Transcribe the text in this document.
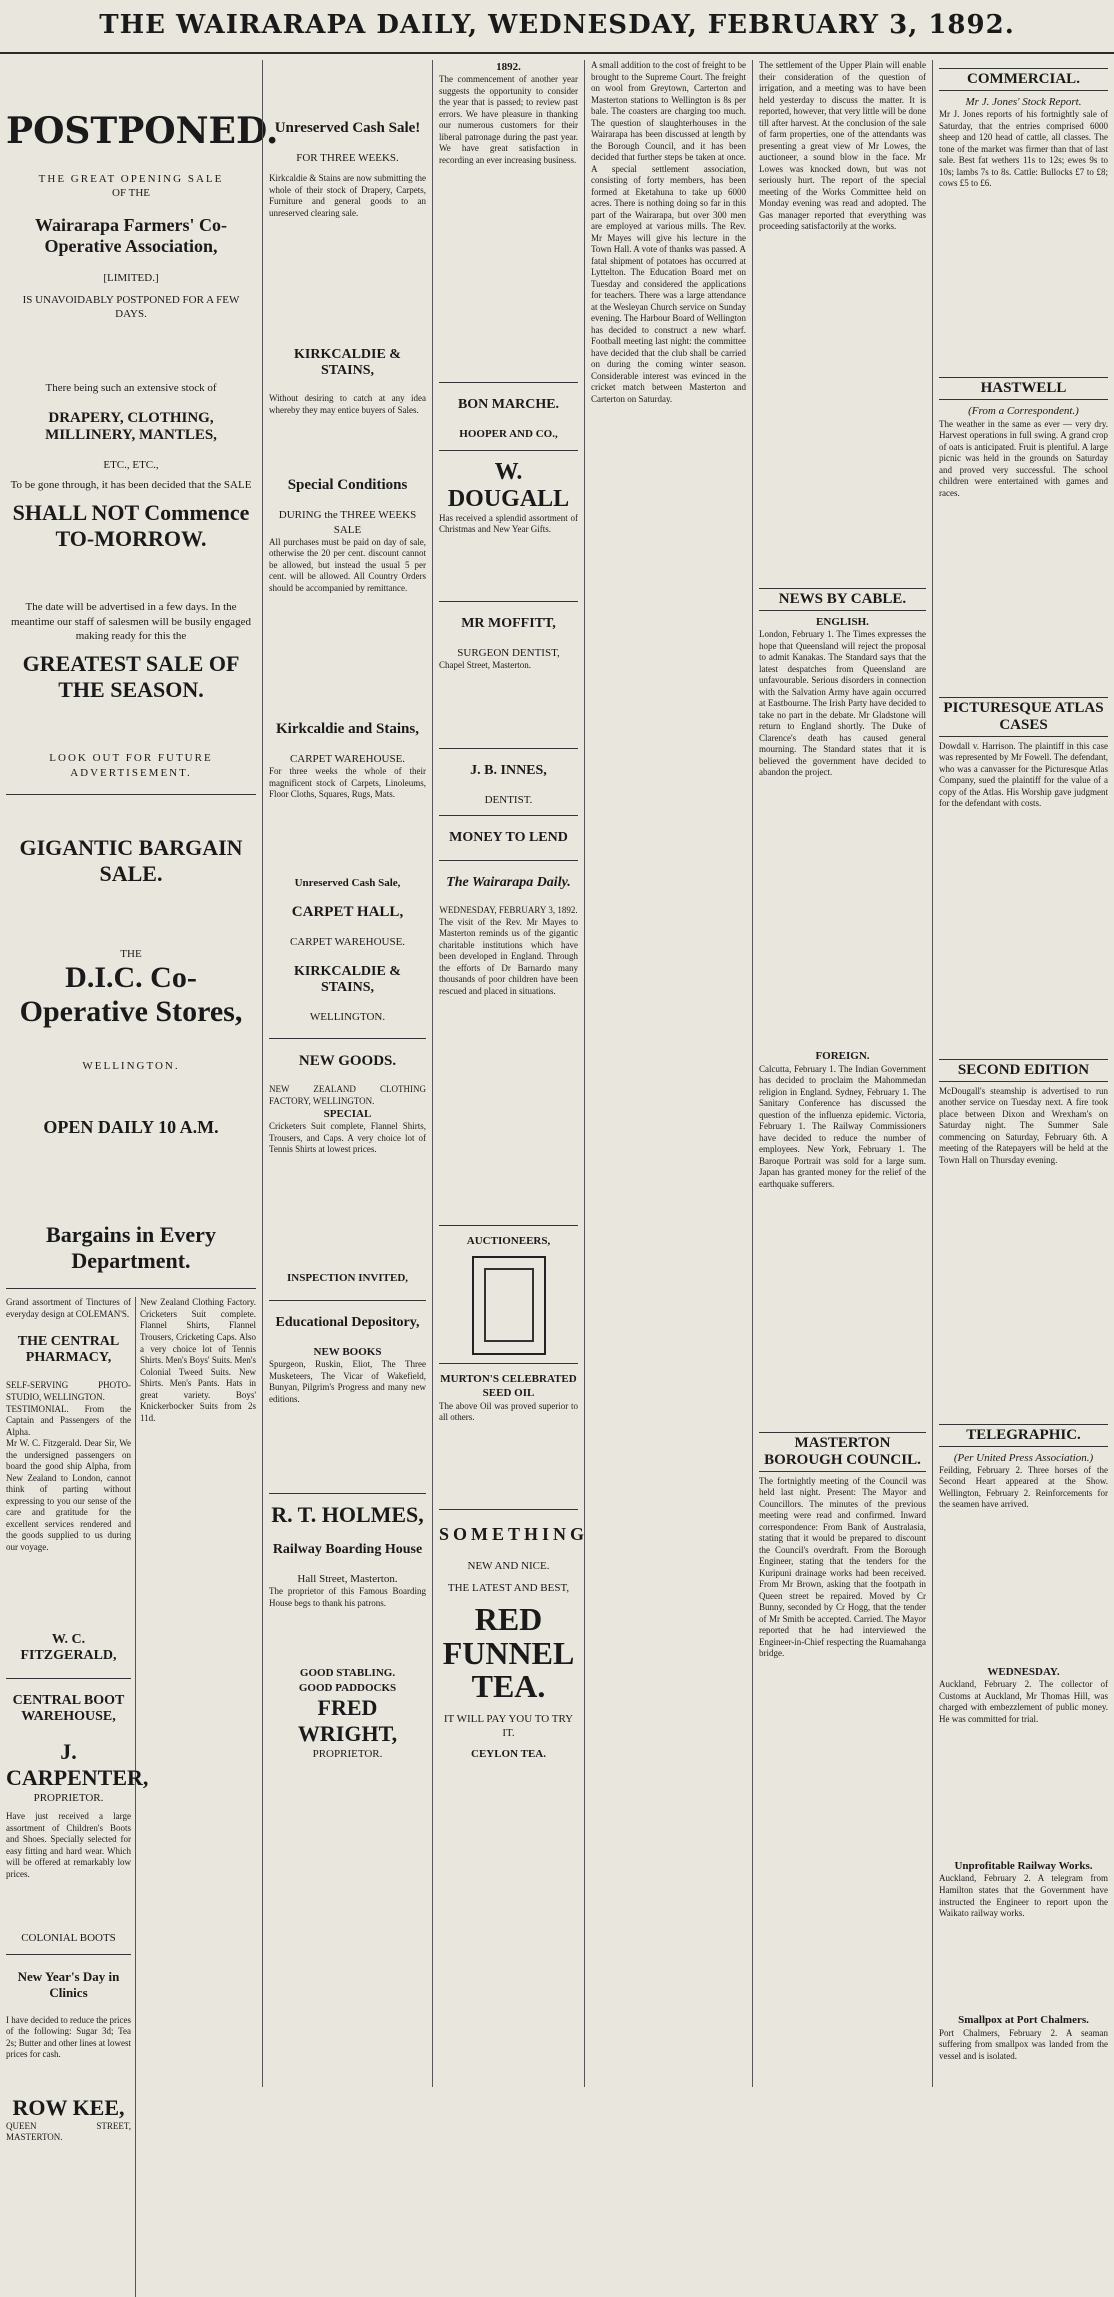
THE WAIRARAPA DAILY, WEDNESDAY, FEBRUARY 3, 1892.
POSTPONED.
THE GREAT OPENING SALE
OF THE
Wairarapa Farmers' Co-Operative Association,
[LIMITED.]
IS UNAVOIDABLY POSTPONED FOR A FEW DAYS.
There being such an extensive stock of
DRAPERY, CLOTHING, MILLINERY, MANTLES,
ETC., ETC.,
To be gone through, it has been decided that the SALE
SHALL NOT Commence TO-MORROW.
The date will be advertised in a few days. In the meantime our staff of salesmen will be busily engaged making ready for this the
GREATEST SALE OF THE SEASON.
LOOK OUT FOR FUTURE ADVERTISEMENT.
GIGANTIC BARGAIN SALE.
THE
D.I.C. Co-Operative Stores,
WELLINGTON.
OPEN DAILY 10 A.M.
Bargains in Every Department.
Grand assortment of Tinctures of everyday design at COLEMAN'S.
THE CENTRAL PHARMACY,
SELF-SERVING PHOTO-STUDIO, WELLINGTON.
TESTIMONIAL. From the Captain and Passengers of the Alpha.
Mr W. C. Fitzgerald. Dear Sir, We the undersigned passengers on board the good ship Alpha, from New Zealand to London, cannot think of parting without expressing to you our sense of the care and gratitude for the excellent services rendered and the goods supplied to us during our voyage.
W. C. FITZGERALD,
CENTRAL BOOT WAREHOUSE,
J. CARPENTER,
PROPRIETOR.
Have just received a large assortment of Children's Boots and Shoes. Specially selected for easy fitting and hard wear. Which will be offered at remarkably low prices.
COLONIAL BOOTS
New Year's Day in Clinics
I have decided to reduce the prices of the following: Sugar 3d; Tea 2s; Butter and other lines at lowest prices for cash.
ROW KEE,
QUEEN STREET, MASTERTON.
New Zealand Clothing Factory. Cricketers Suit complete. Flannel Shirts, Flannel Trousers, Cricketing Caps. Also a very choice lot of Tennis Shirts. Men's Boys' Suits. Men's Colonial Tweed Suits. New Shirts. Men's Pants. Hats in great variety. Boys' Knickerbocker Suits from 2s 11d.
Unreserved Cash Sale!
FOR THREE WEEKS.
Kirkcaldie & Stains are now submitting the whole of their stock of Drapery, Carpets, Furniture and general goods to an unreserved clearing sale.
KIRKCALDIE & STAINS,
Without desiring to catch at any idea whereby they may entice buyers of Sales.
Special Conditions
DURING the THREE WEEKS SALE
All purchases must be paid on day of sale, otherwise the 20 per cent. discount cannot be allowed, but instead the usual 5 per cent. will be allowed. All Country Orders should be accompanied by remittance.
Kirkcaldie and Stains,
CARPET WAREHOUSE.
For three weeks the whole of their magnificent stock of Carpets, Linoleums, Floor Cloths, Squares, Rugs, Mats.
Unreserved Cash Sale,
CARPET HALL,
CARPET WAREHOUSE.
KIRKCALDIE & STAINS,
WELLINGTON.
NEW GOODS.
NEW ZEALAND CLOTHING FACTORY, WELLINGTON.
SPECIAL
Cricketers Suit complete, Flannel Shirts, Trousers, and Caps. A very choice lot of Tennis Shirts at lowest prices.
INSPECTION INVITED,
Educational Depository,
NEW BOOKS
Spurgeon, Ruskin, Eliot, The Three Musketeers, The Vicar of Wakefield, Bunyan, Pilgrim's Progress and many new editions.
R. T. HOLMES,
Railway Boarding House
Hall Street, Masterton.
The proprietor of this Famous Boarding House begs to thank his patrons.
GOOD STABLING.
GOOD PADDOCKS
FRED WRIGHT,
PROPRIETOR.
1892.
The commencement of another year suggests the opportunity to consider the year that is passed; to review past errors. We have pleasure in thanking our numerous customers for their liberal patronage during the past year. We have great satisfaction in recording an ever increasing business.
BON MARCHE.
HOOPER AND CO.,
W. DOUGALL
Has received a splendid assortment of Christmas and New Year Gifts.
MR MOFFITT,
SURGEON DENTIST,
Chapel Street, Masterton.
J. B. INNES,
DENTIST.
MONEY TO LEND
The Wairarapa Daily.
WEDNESDAY, FEBRUARY 3, 1892.
The visit of the Rev. Mr Mayes to Masterton reminds us of the gigantic charitable institutions which have been developed in England. Through the efforts of Dr Barnardo many thousands of poor children have been rescued and placed in situations.
AUCTIONEERS,
MURTON'S CELEBRATED SEED OIL
The above Oil was proved superior to all others.
SOMETHING
NEW AND NICE.
THE LATEST AND BEST,
RED FUNNEL TEA.
IT WILL PAY YOU TO TRY IT.
CEYLON TEA.
A small addition to the cost of freight to be brought to the Supreme Court. The freight on wool from Greytown, Carterton and Masterton stations to Wellington is 8s per bale. The coasters are charging too much. The question of slaughterhouses in the Wairarapa has been discussed at length by the Borough Council, and it has been decided that further steps be taken at once. A special settlement association, consisting of forty members, has been formed at Eketahuna to take up 6000 acres. There is nothing doing so far in this part of the Wairarapa, but over 300 men are employed at various mills. The Rev. Mr Mayes will give his lecture in the Town Hall. A vote of thanks was passed. A fatal shipment of potatoes has occurred at Lyttelton. The Education Board met on Tuesday and considered the applications for teachers. There was a large attendance at the Wesleyan Church service on Sunday evening. The Harbour Board of Wellington has decided to construct a new wharf. Football meeting last night: the committee have decided that the club shall be carried on during the coming winter season. Considerable interest was evinced in the cricket match between Masterton and Carterton on Saturday.
The settlement of the Upper Plain will enable their consideration of the question of irrigation, and a meeting was to have been held yesterday to discuss the matter. It is reported, however, that very little will be done till after harvest. At the conclusion of the sale of farm properties, one of the attendants was presenting a great view of Mr Lowes, the auctioneer, a sound blow in the face. Mr Lowes was knocked down, but was not seriously hurt. The report of the special meeting of the Works Committee held on Monday evening was read and adopted. The Gas manager reported that everything was proceeding satisfactorily at the works.
NEWS BY CABLE.
ENGLISH.
London, February 1. The Times expresses the hope that Queensland will reject the proposal to admit Kanakas. The Standard says that the latest despatches from Queensland are unfavourable. Serious disorders in connection with the Salvation Army have again occurred at Eastbourne. The Irish Party have decided to take no part in the debate. Mr Gladstone will return to England shortly. The Duke of Clarence's death has caused general mourning. The Standard states that it is believed the government have decided to abandon the project.
FOREIGN.
Calcutta, February 1. The Indian Government has decided to proclaim the Mahommedan religion in England. Sydney, February 1. The Sanitary Conference has discussed the question of the influenza epidemic. Victoria, February 1. The Railway Commissioners have decided to reduce the number of employees. New York, February 1. The Baroque Portrait was sold for a large sum. Japan has granted money for the relief of the earthquake sufferers.
MASTERTON BOROUGH COUNCIL.
The fortnightly meeting of the Council was held last night. Present: The Mayor and Councillors. The minutes of the previous meeting were read and confirmed. Inward correspondence: From Bank of Australasia, stating that it would be prepared to discount the Council's overdraft. From the Borough Engineer, stating that the tenders for the Kuripuni drainage works had been received. From Mr Brown, asking that the footpath in Queen street be repaired. Moved by Cr Bunny, seconded by Cr Hogg, that the tender of Mr Smith be accepted. Carried. The Mayor reported that he had interviewed the Engineer-in-Chief respecting the Ruamahanga bridge.
COMMERCIAL.
Mr J. Jones' Stock Report.
Mr J. Jones reports of his fortnightly sale of Saturday, that the entries comprised 6000 sheep and 120 head of cattle, all classes. The tone of the market was firmer than that of last sale. Best fat wethers 11s to 12s; ewes 9s to 10s; lambs 7s to 8s. Cattle: Bullocks £7 to £8; cows £5 to £6.
HASTWELL
(From a Correspondent.)
The weather in the same as ever — very dry. Harvest operations in full swing. A grand crop of oats is anticipated. Fruit is plentiful. A large picnic was held in the grounds on Saturday and proved very successful. The school children were entertained with games and races.
PICTURESQUE ATLAS CASES
Dowdall v. Harrison. The plaintiff in this case was represented by Mr Fowell. The defendant, who was a canvasser for the Picturesque Atlas Company, sued the plaintiff for the value of a copy of the Atlas. His Worship gave judgment for the defendant with costs.
SECOND EDITION
McDougall's steamship is advertised to run another service on Tuesday next. A fire took place between Dixon and Wrexham's on Saturday night. The Summer Sale commencing on Saturday, February 6th. A meeting of the Ratepayers will be held at the Town Hall on Thursday evening.
TELEGRAPHIC.
(Per United Press Association.)
Feilding, February 2. Three horses of the Second Heart appeared at the Show. Wellington, February 2. Reinforcements for the seamen have arrived.
WEDNESDAY.
Auckland, February 2. The collector of Customs at Auckland, Mr Thomas Hill, was charged with embezzlement of public money. He was committed for trial.
Unprofitable Railway Works.
Auckland, February 2. A telegram from Hamilton states that the Government have instructed the Engineer to report upon the Waikato railway works.
Smallpox at Port Chalmers.
Port Chalmers, February 2. A seaman suffering from smallpox was landed from the vessel and is isolated.
